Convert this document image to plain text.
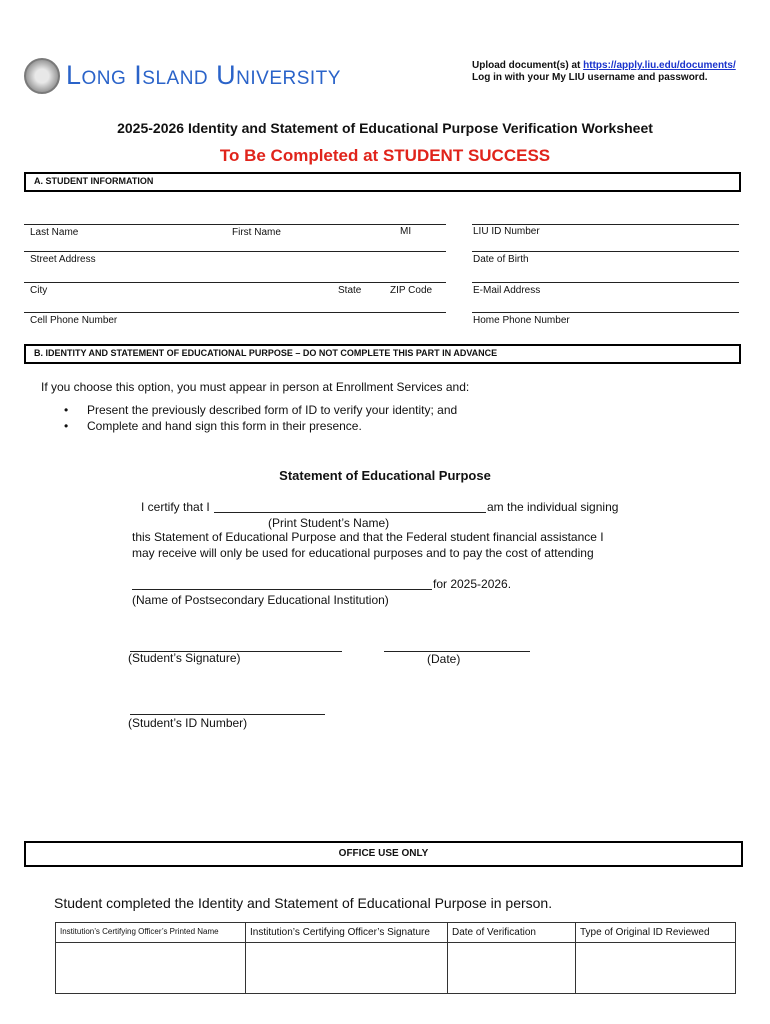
Long Island University	Upload document(s) at https://apply.liu.edu/documents/
Log in with your My LIU username and password.
2025-2026 Identity and Statement of Educational Purpose Verification Worksheet
To Be Completed at STUDENT SUCCESS
A. STUDENT INFORMATION
Last Name	First Name	MI	LIU ID Number
Street Address	Date of Birth
City	State	ZIP Code	E-Mail Address
Cell Phone Number	Home Phone Number
B. IDENTITY AND STATEMENT OF EDUCATIONAL PURPOSE – DO NOT COMPLETE THIS PART IN ADVANCE
If you choose this option, you must appear in person at Enrollment Services and:
• Present the previously described form of ID to verify your identity; and
• Complete and hand sign this form in their presence.
Statement of Educational Purpose
I certify that I	am the individual signing
(Print Student’s Name)
this Statement of Educational Purpose and that the Federal student financial assistance I
may receive will only be used for educational purposes and to pay the cost of attending
for 2025-2026.
(Name of Postsecondary Educational Institution)
(Student’s Signature)	(Date)
(Student’s ID Number)
OFFICE USE ONLY
Student completed the Identity and Statement of Educational Purpose in person.
Institution’s Certifying Officer’s Printed Name	Institution’s Certifying Officer’s Signature	Date of Verification	Type of Original ID Reviewed
